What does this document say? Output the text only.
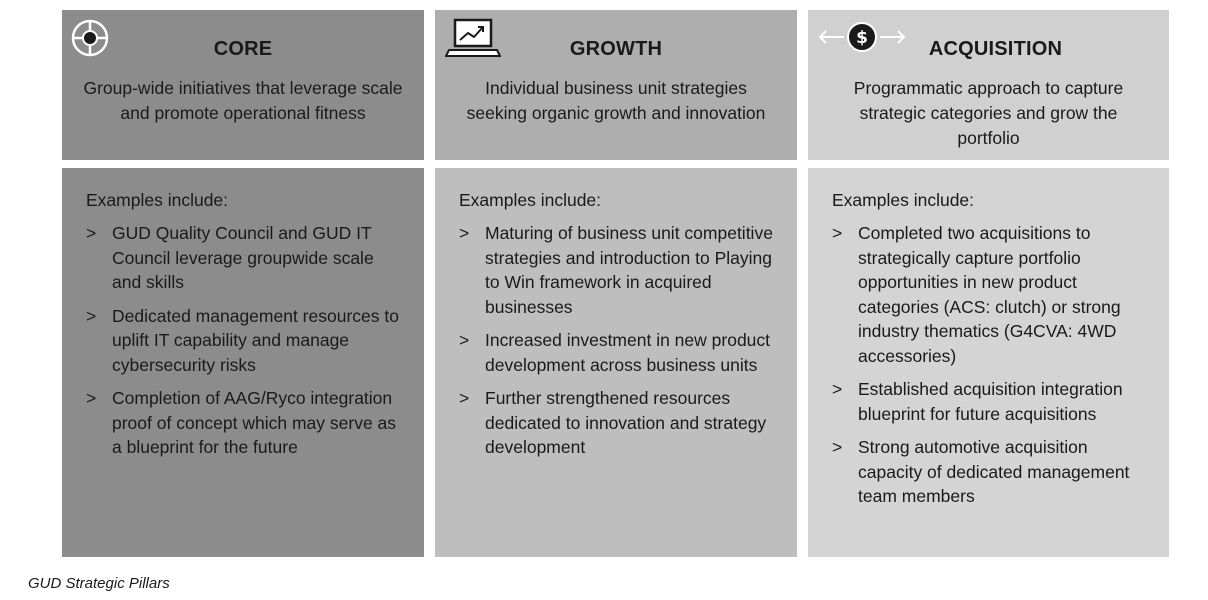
CORE
Group-wide initiatives that leverage scale and promote operational fitness
Examples include:
> GUD Quality Council and GUD IT Council leverage groupwide scale and skills
> Dedicated management resources to uplift IT capability and manage cybersecurity risks
> Completion of AAG/Ryco integration proof of concept which may serve as a blueprint for the future
GROWTH
Individual business unit strategies seeking organic growth and innovation
Examples include:
> Maturing of business unit competitive strategies and introduction to Playing to Win framework in acquired businesses
> Increased investment in new product development across business units
> Further strengthened resources dedicated to innovation and strategy development
$	ACQUISITION
Programmatic approach to capture strategic categories and grow the portfolio
Examples include:
> Completed two acquisitions to strategically capture portfolio opportunities in new product categories (ACS: clutch) or strong industry thematics (G4CVA: 4WD accessories)
> Established acquisition integration blueprint for future acquisitions
> Strong automotive acquisition capacity of dedicated management team members
GUD Strategic Pillars
